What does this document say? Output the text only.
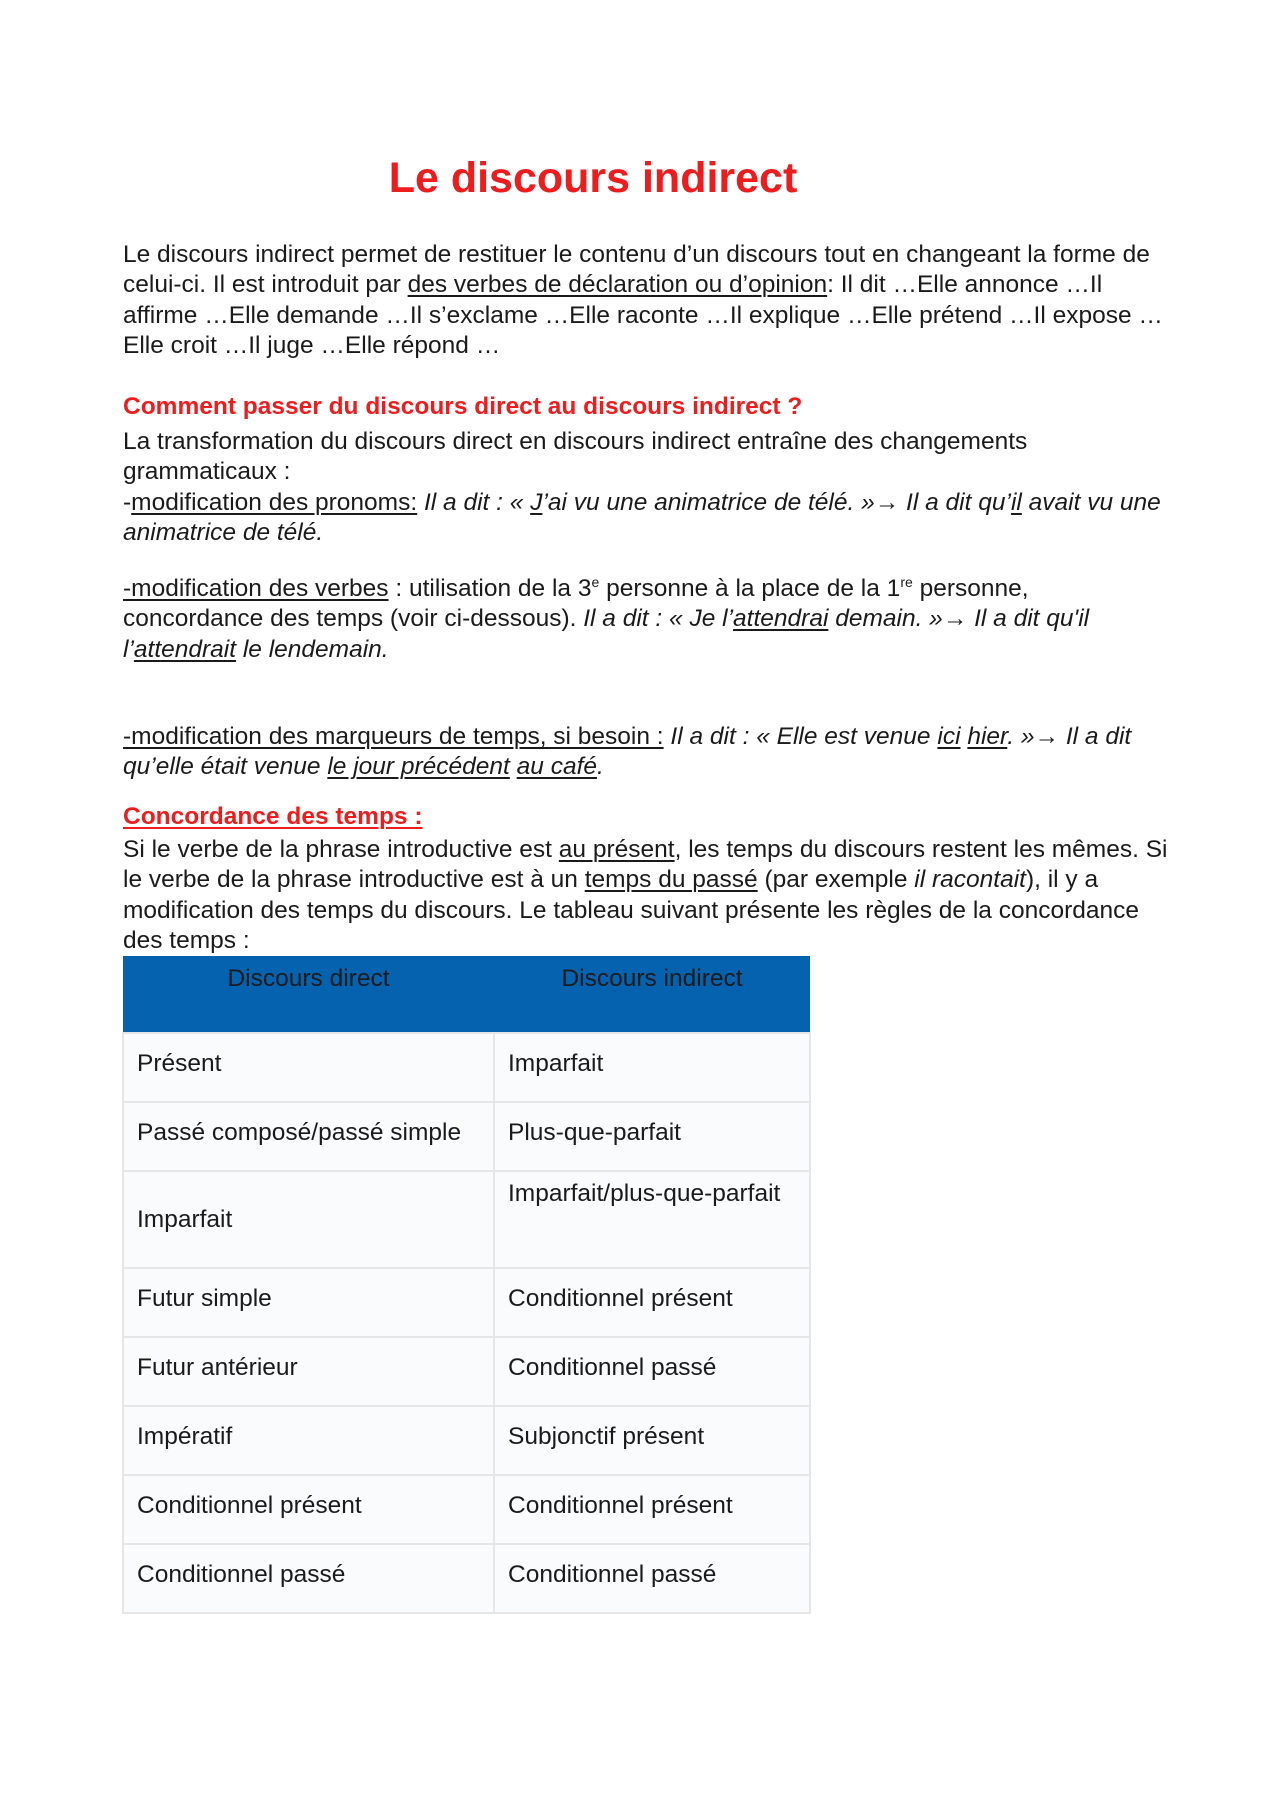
Le discours indirect

Le discours indirect permet de restituer le contenu d’un discours tout en changeant la forme de celui-ci. Il est introduit par des verbes de déclaration ou d’opinion: Il dit …Elle annonce …Il affirme …Elle demande …Il s’exclame …Elle raconte …Il explique …Elle prétend …Il expose …Elle croit …Il juge …Elle répond …

Comment passer du discours direct au discours indirect ?

La transformation du discours direct en discours indirect entraîne des changements grammaticaux :

-modification des pronoms: Il a dit : « J’ai vu une animatrice de télé. »→ Il a dit qu’il avait vu une animatrice de télé.

-modification des verbes : utilisation de la 3e personne à la place de la 1re personne, concordance des temps (voir ci-dessous). Il a dit : « Je l’attendrai demain. »→ Il a dit qu'il l’attendrait le lendemain.

-modification des marqueurs de temps, si besoin : Il a dit : « Elle est venue ici hier. »→ Il a dit qu’elle était venue le jour précédent au café.

Concordance des temps :

Si le verbe de la phrase introductive est au présent, les temps du discours restent les mêmes. Si le verbe de la phrase introductive est à un temps du passé (par exemple il racontait), il y a modification des temps du discours. Le tableau suivant présente les règles de la concordance des temps :

Discours direct	Discours indirect
Présent	Imparfait
Passé composé/passé simple	Plus-que-parfait
Imparfait	Imparfait/plus-que-parfait
Futur simple	Conditionnel présent
Futur antérieur	Conditionnel passé
Impératif	Subjonctif présent
Conditionnel présent	Conditionnel présent
Conditionnel passé	Conditionnel passé
